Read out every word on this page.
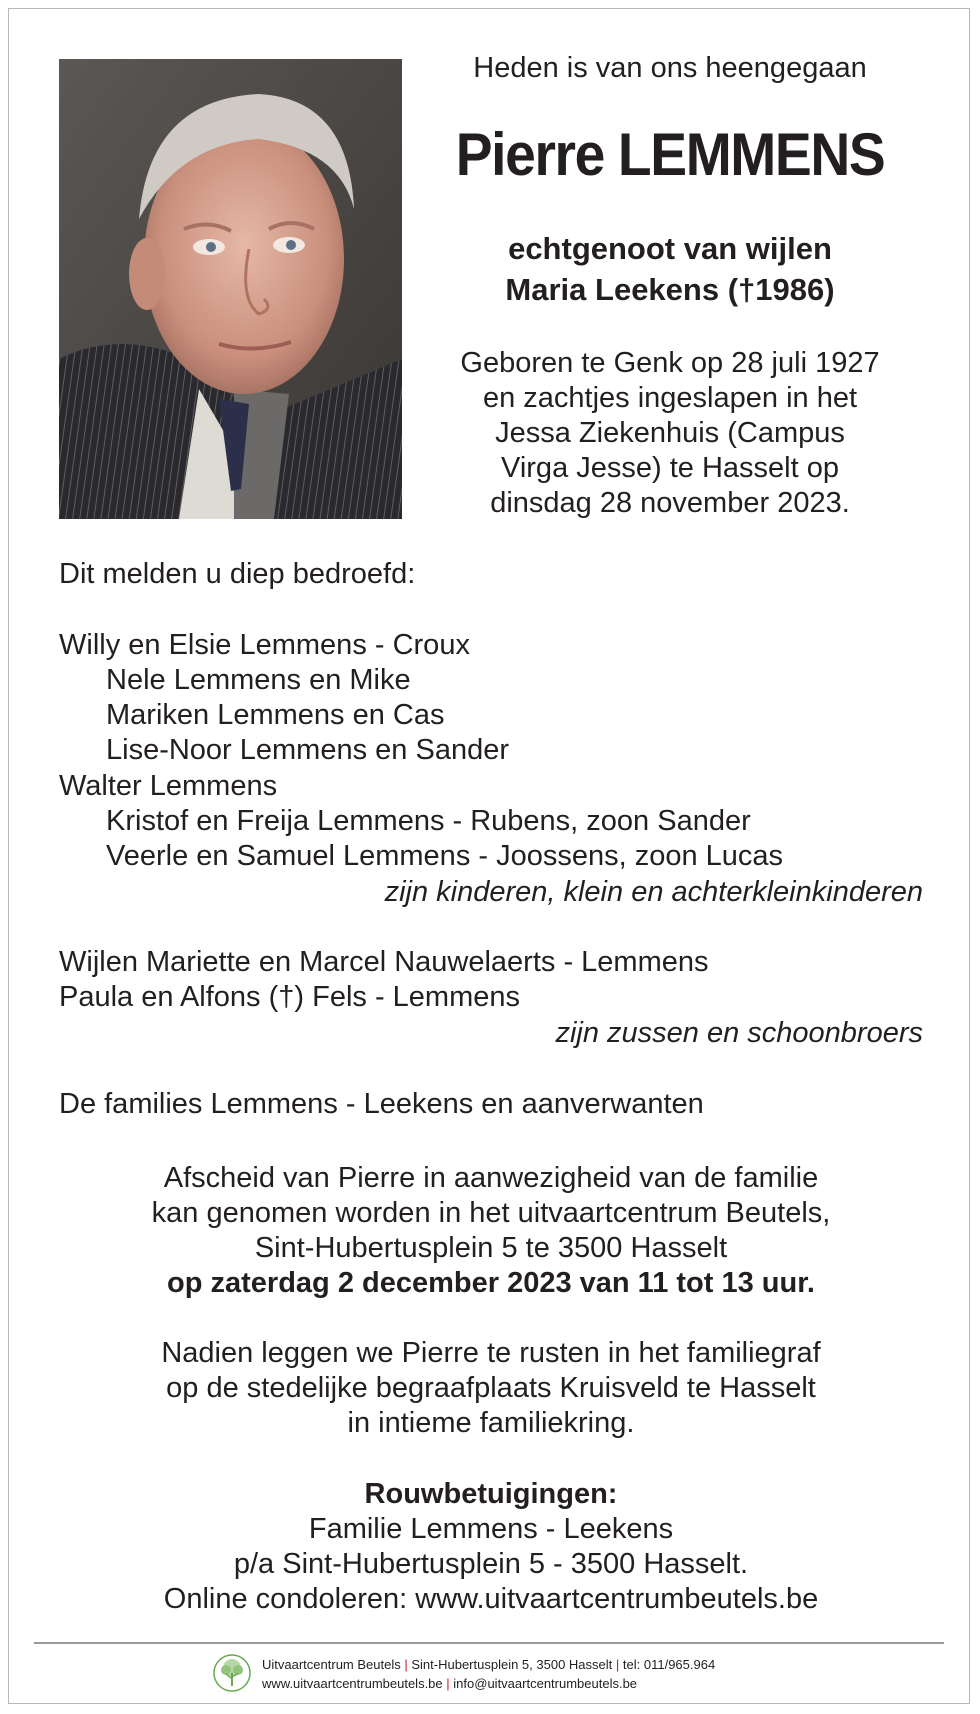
Heden is van ons heengegaan
Pierre LEMMENS
echtgenoot van wijlen
Maria Leekens (†1986)
Geboren te Genk op 28 juli 1927
en zachtjes ingeslapen in het
Jessa Ziekenhuis (Campus
Virga Jesse) te Hasselt op
dinsdag 28 november 2023.
Dit melden u diep bedroefd:
Willy en Elsie Lemmens - Croux
Nele Lemmens en Mike
Mariken Lemmens en Cas
Lise-Noor Lemmens en Sander
Walter Lemmens
Kristof en Freija Lemmens - Rubens, zoon Sander
Veerle en Samuel Lemmens - Joossens, zoon Lucas
zijn kinderen, klein en achterkleinkinderen
Wijlen Mariette en Marcel Nauwelaerts - Lemmens
Paula en Alfons (†) Fels - Lemmens
zijn zussen en schoonbroers
De families Lemmens - Leekens en aanverwanten
Afscheid van Pierre in aanwezigheid van de familie
kan genomen worden in het uitvaartcentrum Beutels,
Sint-Hubertusplein 5 te 3500 Hasselt
op zaterdag 2 december 2023 van 11 tot 13 uur.
Nadien leggen we Pierre te rusten in het familiegraf
op de stedelijke begraafplaats Kruisveld te Hasselt
in intieme familiekring.
Rouwbetuigingen:
Familie Lemmens - Leekens
p/a Sint-Hubertusplein 5 - 3500 Hasselt.
Online condoleren: www.uitvaartcentrumbeutels.be
Uitvaartcentrum Beutels | Sint-Hubertusplein 5, 3500 Hasselt | tel: 011/965.964
www.uitvaartcentrumbeutels.be | info@uitvaartcentrumbeutels.be
